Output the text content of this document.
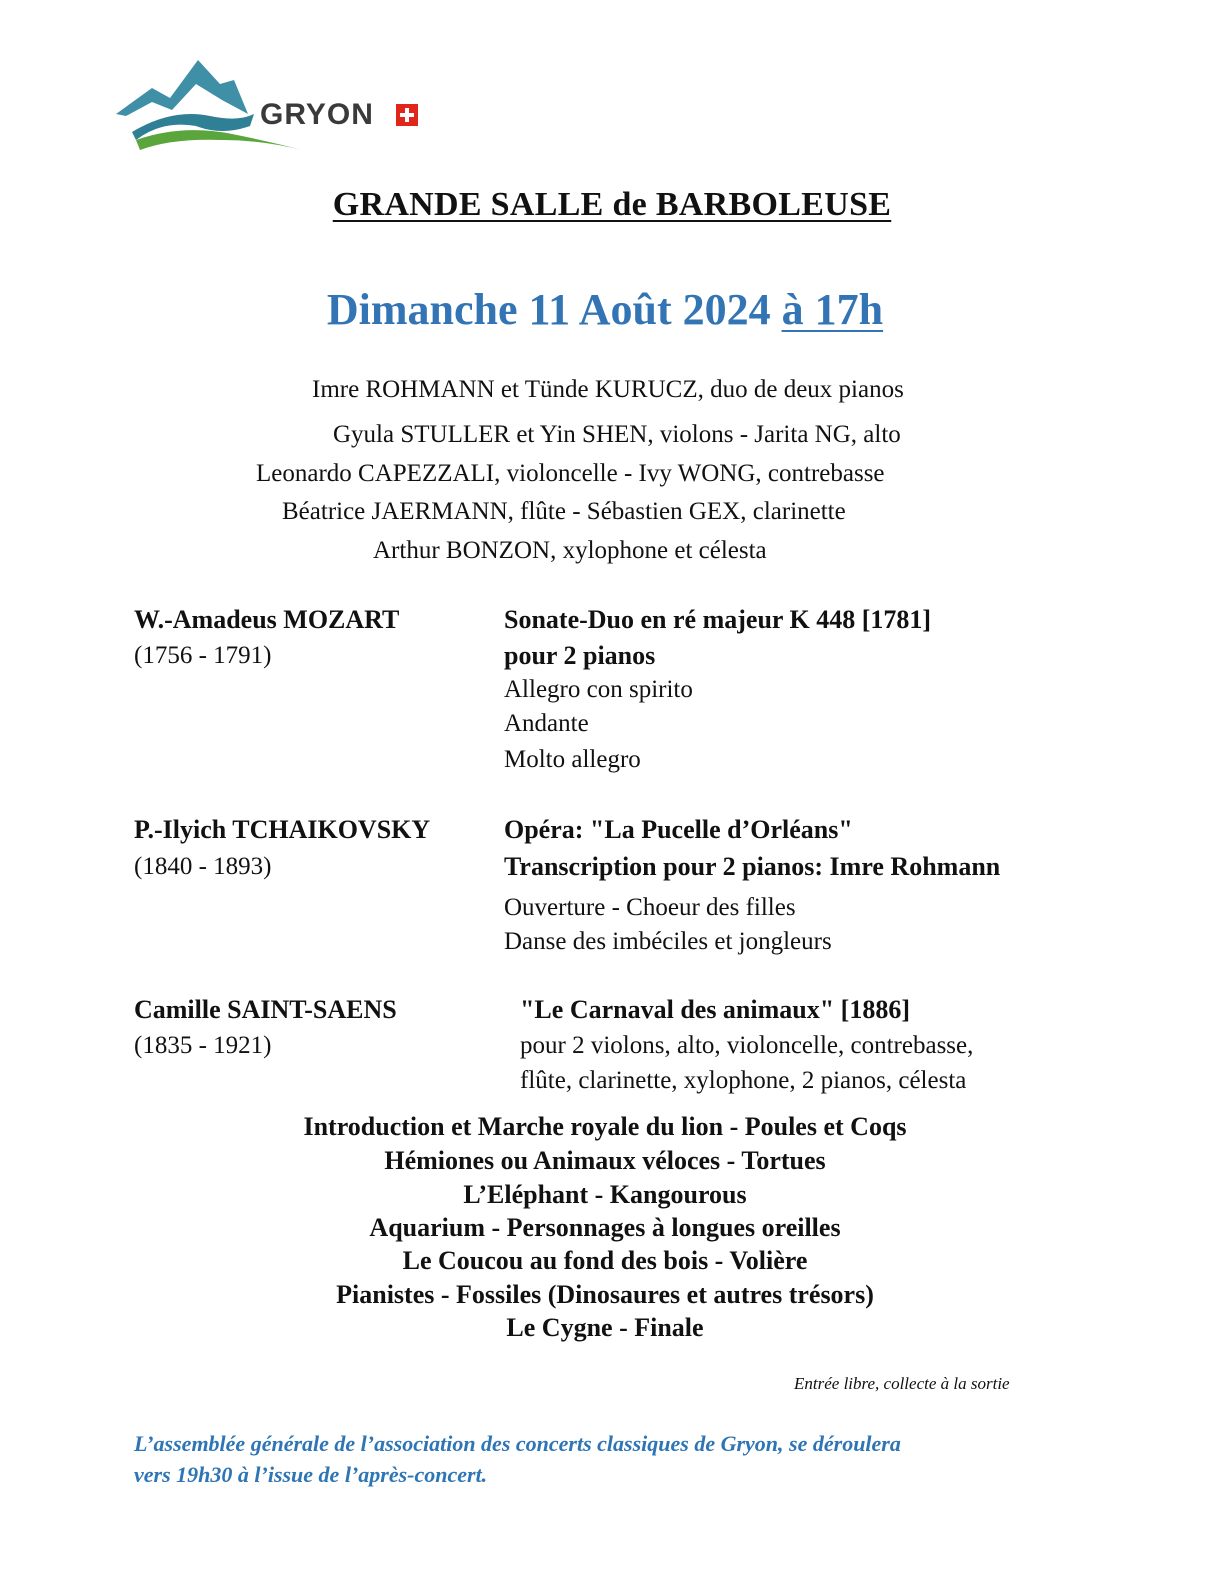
GRYON
GRANDE SALLE de BARBOLEUSE
Dimanche 11 Août 2024 à 17h
Imre ROHMANN et Tünde KURUCZ, duo de deux pianos
Gyula STULLER et Yin SHEN, violons - Jarita NG, alto
Leonardo CAPEZZALI, violoncelle - Ivy WONG, contrebasse
Béatrice JAERMANN, flûte - Sébastien GEX, clarinette
Arthur BONZON, xylophone et célesta
W.-Amadeus MOZART
(1756 - 1791)
Sonate-Duo en ré majeur K 448 [1781]
pour 2 pianos
Allegro con spirito
Andante
Molto allegro
P.-Ilyich TCHAIKOVSKY
(1840 - 1893)
Opéra: "La Pucelle d’Orléans"
Transcription pour 2 pianos: Imre Rohmann
Ouverture - Choeur des filles
Danse des imbéciles et jongleurs
Camille SAINT-SAENS
(1835 - 1921)
"Le Carnaval des animaux" [1886]
pour 2 violons, alto, violoncelle, contrebasse,
flûte, clarinette, xylophone, 2 pianos, célesta
Introduction et Marche royale du lion - Poules et Coqs
Hémiones ou Animaux véloces - Tortues
L’Eléphant - Kangourous
Aquarium - Personnages à longues oreilles
Le Coucou au fond des bois - Volière
Pianistes - Fossiles (Dinosaures et autres trésors)
Le Cygne - Finale
Entrée libre, collecte à la sortie
L’assemblée générale de l’association des concerts classiques de Gryon, se déroulera
vers 19h30 à l’issue de l’après-concert.
